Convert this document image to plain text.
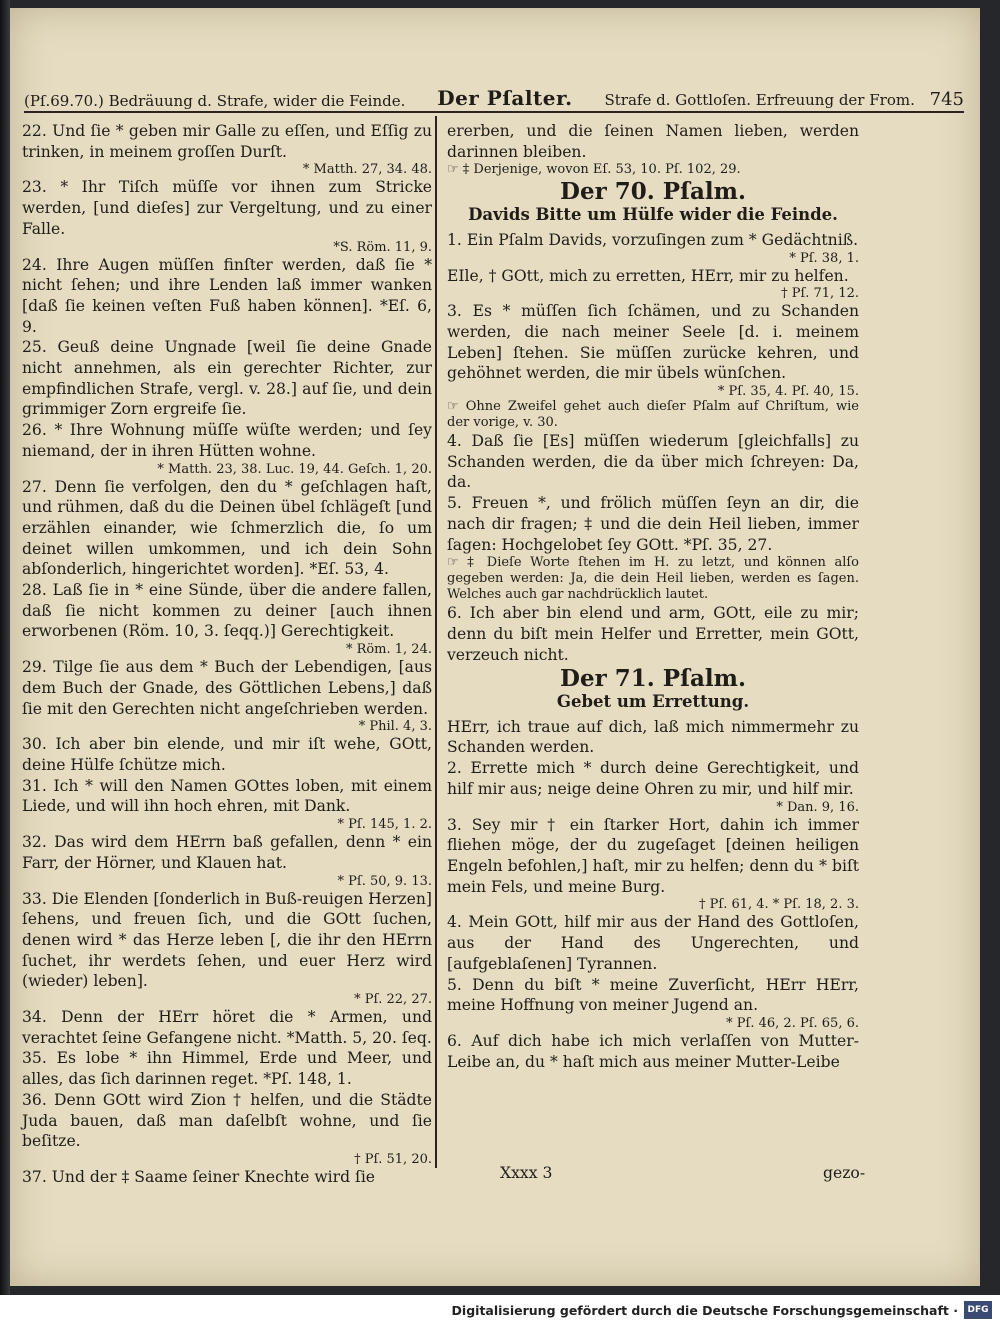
(Pſ.69.70.) Bedräuung d. Strafe, wider die Feinde. Der Pſalter. Strafe d. Gottloſen. Erfreuung der From. 745

22. Und ſie * geben mir Galle zu eſſen, und Eſſig zu trinken, in meinem groſſen Durſt.

* Matth. 27, 34. 48.

23. * Ihr Tiſch müſſe vor ihnen zum Stricke werden, [und dieſes] zur Vergeltung, und zu einer Falle.

*S. Röm. 11, 9.

24. Ihre Augen müſſen finſter werden, daß ſie * nicht ſehen; und ihre Lenden laß immer wanken [daß ſie keinen veſten Fuß haben können]. *Eſ. 6, 9.

25. Geuß deine Ungnade [weil ſie deine Gnade nicht annehmen, als ein gerechter Richter, zur empfindlichen Strafe, vergl. v. 28.] auf ſie, und dein grimmiger Zorn ergreife ſie.

26. * Ihre Wohnung müſſe wüſte werden; und ſey niemand, der in ihren Hütten wohne.

* Matth. 23, 38. Luc. 19, 44. Geſch. 1, 20.

27. Denn ſie verfolgen, den du * geſchlagen haſt, und rühmen, daß du die Deinen übel ſchlägeſt [und erzählen einander, wie ſchmerzlich die, ſo um deinet willen umkommen, und ich dein Sohn abſonderlich, hingerichtet worden]. *Eſ. 53, 4.

28. Laß ſie in * eine Sünde, über die andere fallen, daß ſie nicht kommen zu deiner [auch ihnen erworbenen (Röm. 10, 3. ſeqq.)] Gerechtigkeit.

* Röm. 1, 24.

29. Tilge ſie aus dem * Buch der Lebendigen, [aus dem Buch der Gnade, des Göttlichen Lebens,] daß ſie mit den Gerechten nicht angeſchrieben werden.

* Phil. 4, 3.

30. Ich aber bin elende, und mir iſt wehe, GOtt, deine Hülfe ſchütze mich.

31. Ich * will den Namen GOttes loben, mit einem Liede, und will ihn hoch ehren, mit Dank.

* Pſ. 145, 1. 2.

32. Das wird dem HErrn baß gefallen, denn * ein Farr, der Hörner, und Klauen hat.

* Pſ. 50, 9. 13.

33. Die Elenden [ſonderlich in Buß-reuigen Herzen] ſehens, und freuen ſich, und die GOtt ſuchen, denen wird * das Herze leben [, die ihr den HErrn ſuchet, ihr werdets ſehen, und euer Herz wird (wieder) leben].

* Pſ. 22, 27.

34. Denn der HErr höret die * Armen, und verachtet ſeine Gefangene nicht. *Matth. 5, 20. ſeq.

35. Es lobe * ihn Himmel, Erde und Meer, und alles, das ſich darinnen reget. *Pſ. 148, 1.

36. Denn GOtt wird Zion † helfen, und die Städte Juda bauen, daß man daſelbſt wohne, und ſie beſitze.

† Pſ. 51, 20.

37. Und der ‡ Saame ſeiner Knechte wird ſie

ererben, und die ſeinen Namen lieben, werden darinnen bleiben.

☞ ‡ Derjenige, wovon Eſ. 53, 10. Pſ. 102, 29.

Der 70. Pſalm.

Davids Bitte um Hülfe wider die Feinde.

1. Ein Pſalm Davids, vorzuſingen zum * Gedächtniß.

* Pſ. 38, 1.

EIle, † GOtt, mich zu erretten, HErr, mir zu helfen.

† Pſ. 71, 12.

3. Es * müſſen ſich ſchämen, und zu Schanden werden, die nach meiner Seele [d. i. meinem Leben] ſtehen. Sie müſſen zurücke kehren, und gehöhnet werden, die mir übels wünſchen.

* Pſ. 35, 4. Pſ. 40, 15.

☞ Ohne Zweifel gehet auch dieſer Pſalm auf Chriſtum, wie der vorige, v. 30.

4. Daß ſie [Es] müſſen wiederum [gleichfalls] zu Schanden werden, die da über mich ſchreyen: Da, da.

5. Freuen *, und frölich müſſen ſeyn an dir, die nach dir fragen; ‡ und die dein Heil lieben, immer ſagen: Hochgelobet ſey GOtt. *Pſ. 35, 27.

☞ ‡ Dieſe Worte ſtehen im H. zu letzt, und können alſo gegeben werden: Ja, die dein Heil lieben, werden es ſagen. Welches auch gar nachdrücklich lautet.

6. Ich aber bin elend und arm, GOtt, eile zu mir; denn du biſt mein Helfer und Erretter, mein GOtt, verzeuch nicht.

Der 71. Pſalm.

Gebet um Errettung.

HErr, ich traue auf dich, laß mich nimmermehr zu Schanden werden.

2. Errette mich * durch deine Gerechtigkeit, und hilf mir aus; neige deine Ohren zu mir, und hilf mir.

* Dan. 9, 16.

3. Sey mir † ein ſtarker Hort, dahin ich immer fliehen möge, der du zugeſaget [deinen heiligen Engeln befohlen,] haſt, mir zu helfen; denn du * biſt mein Fels, und meine Burg.

† Pſ. 61, 4. * Pſ. 18, 2. 3.

4. Mein GOtt, hilf mir aus der Hand des Gottloſen, aus der Hand des Ungerechten, und [aufgeblaſenen] Tyrannen.

5. Denn du biſt * meine Zuverſicht, HErr HErr, meine Hoffnung von meiner Jugend an.

* Pſ. 46, 2. Pſ. 65, 6.

6. Auf dich habe ich mich verlaſſen von Mutter-Leibe an, du * haſt mich aus meiner Mutter-Leibe

Xxxx 3	gezo-
Digitalisierung gefördert durch die Deutsche Forschungsgemeinschaft ·	DFG
